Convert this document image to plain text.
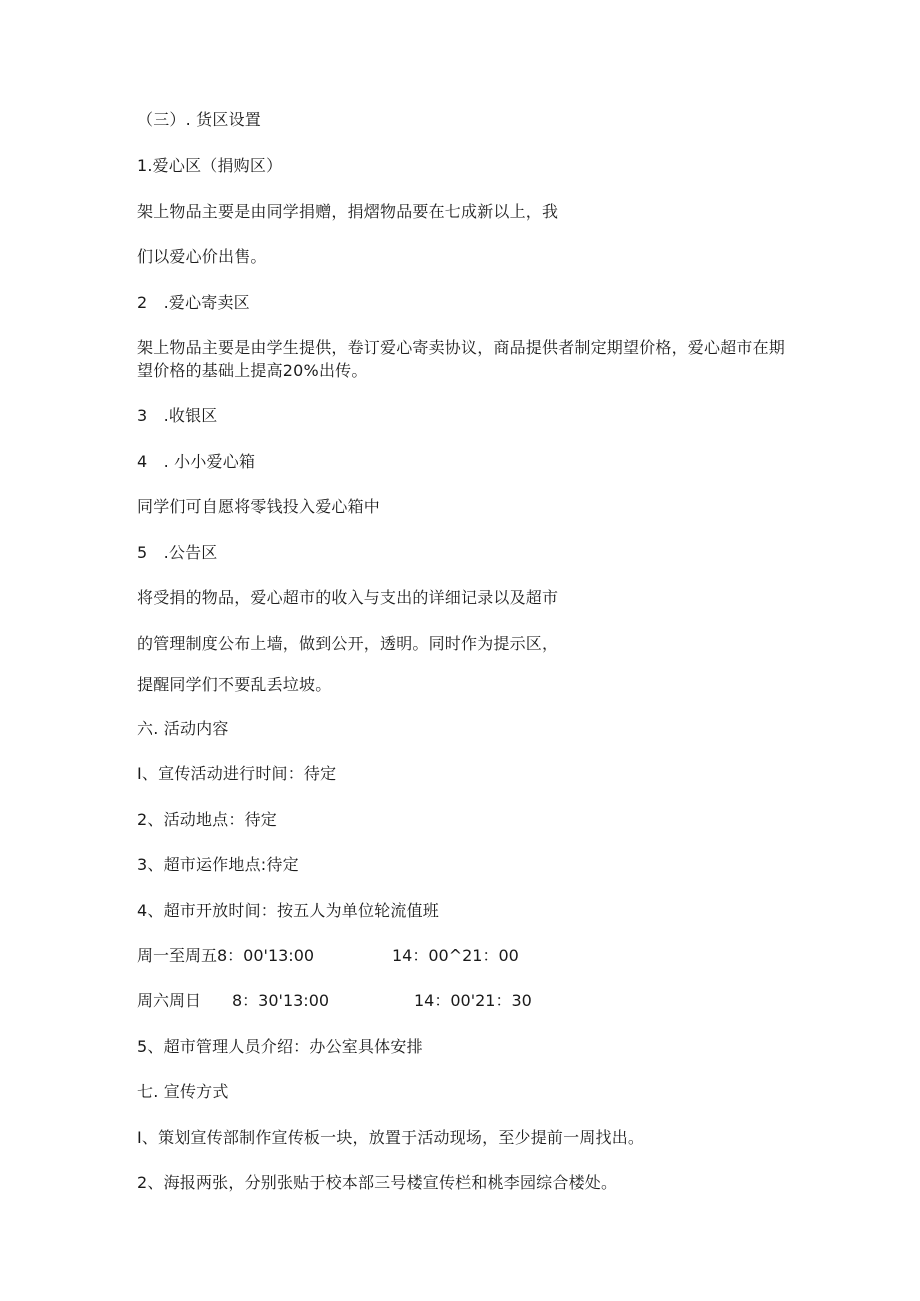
（三）. 货区设置
1.爱心区（捐购区）
架上物品主要是由同学捐赠，捐熠物品要在七成新以上，我
们以爱心价出售。
2　.爱心寄卖区
架上物品主要是由学生提供，卷订爱心寄卖协议，商品提供者制定期望价格，爱心超市在期望价格的基础上提高20%出传。
3　.收银区
4　. 小小爱心箱
同学们可自愿将零钱投入爱心箱中
5　.公告区
将受捐的物品，爱心超市的收入与支出的详细记录以及超市
的管理制度公布上墙，做到公开，透明。同时作为提示区，
提醒同学们不要乱丢垃坡。
六. 活动内容
I、宣传活动进行时间：待定
2、活动地点：待定
3、超市运作地点:待定
4、超市开放时间：按五人为单位轮流值班
周一至周五8：00'13:00	14：00^21：00
周六周日 8：30'13:00	14：00'21：30
5、超市管理人员介绍：办公室具体安排
七. 宣传方式
I、策划宣传部制作宣传板一块，放置于活动现场，至少提前一周找出。
2、海报两张，分别张贴于校本部三号楼宣传栏和桃李园综合楼处。
